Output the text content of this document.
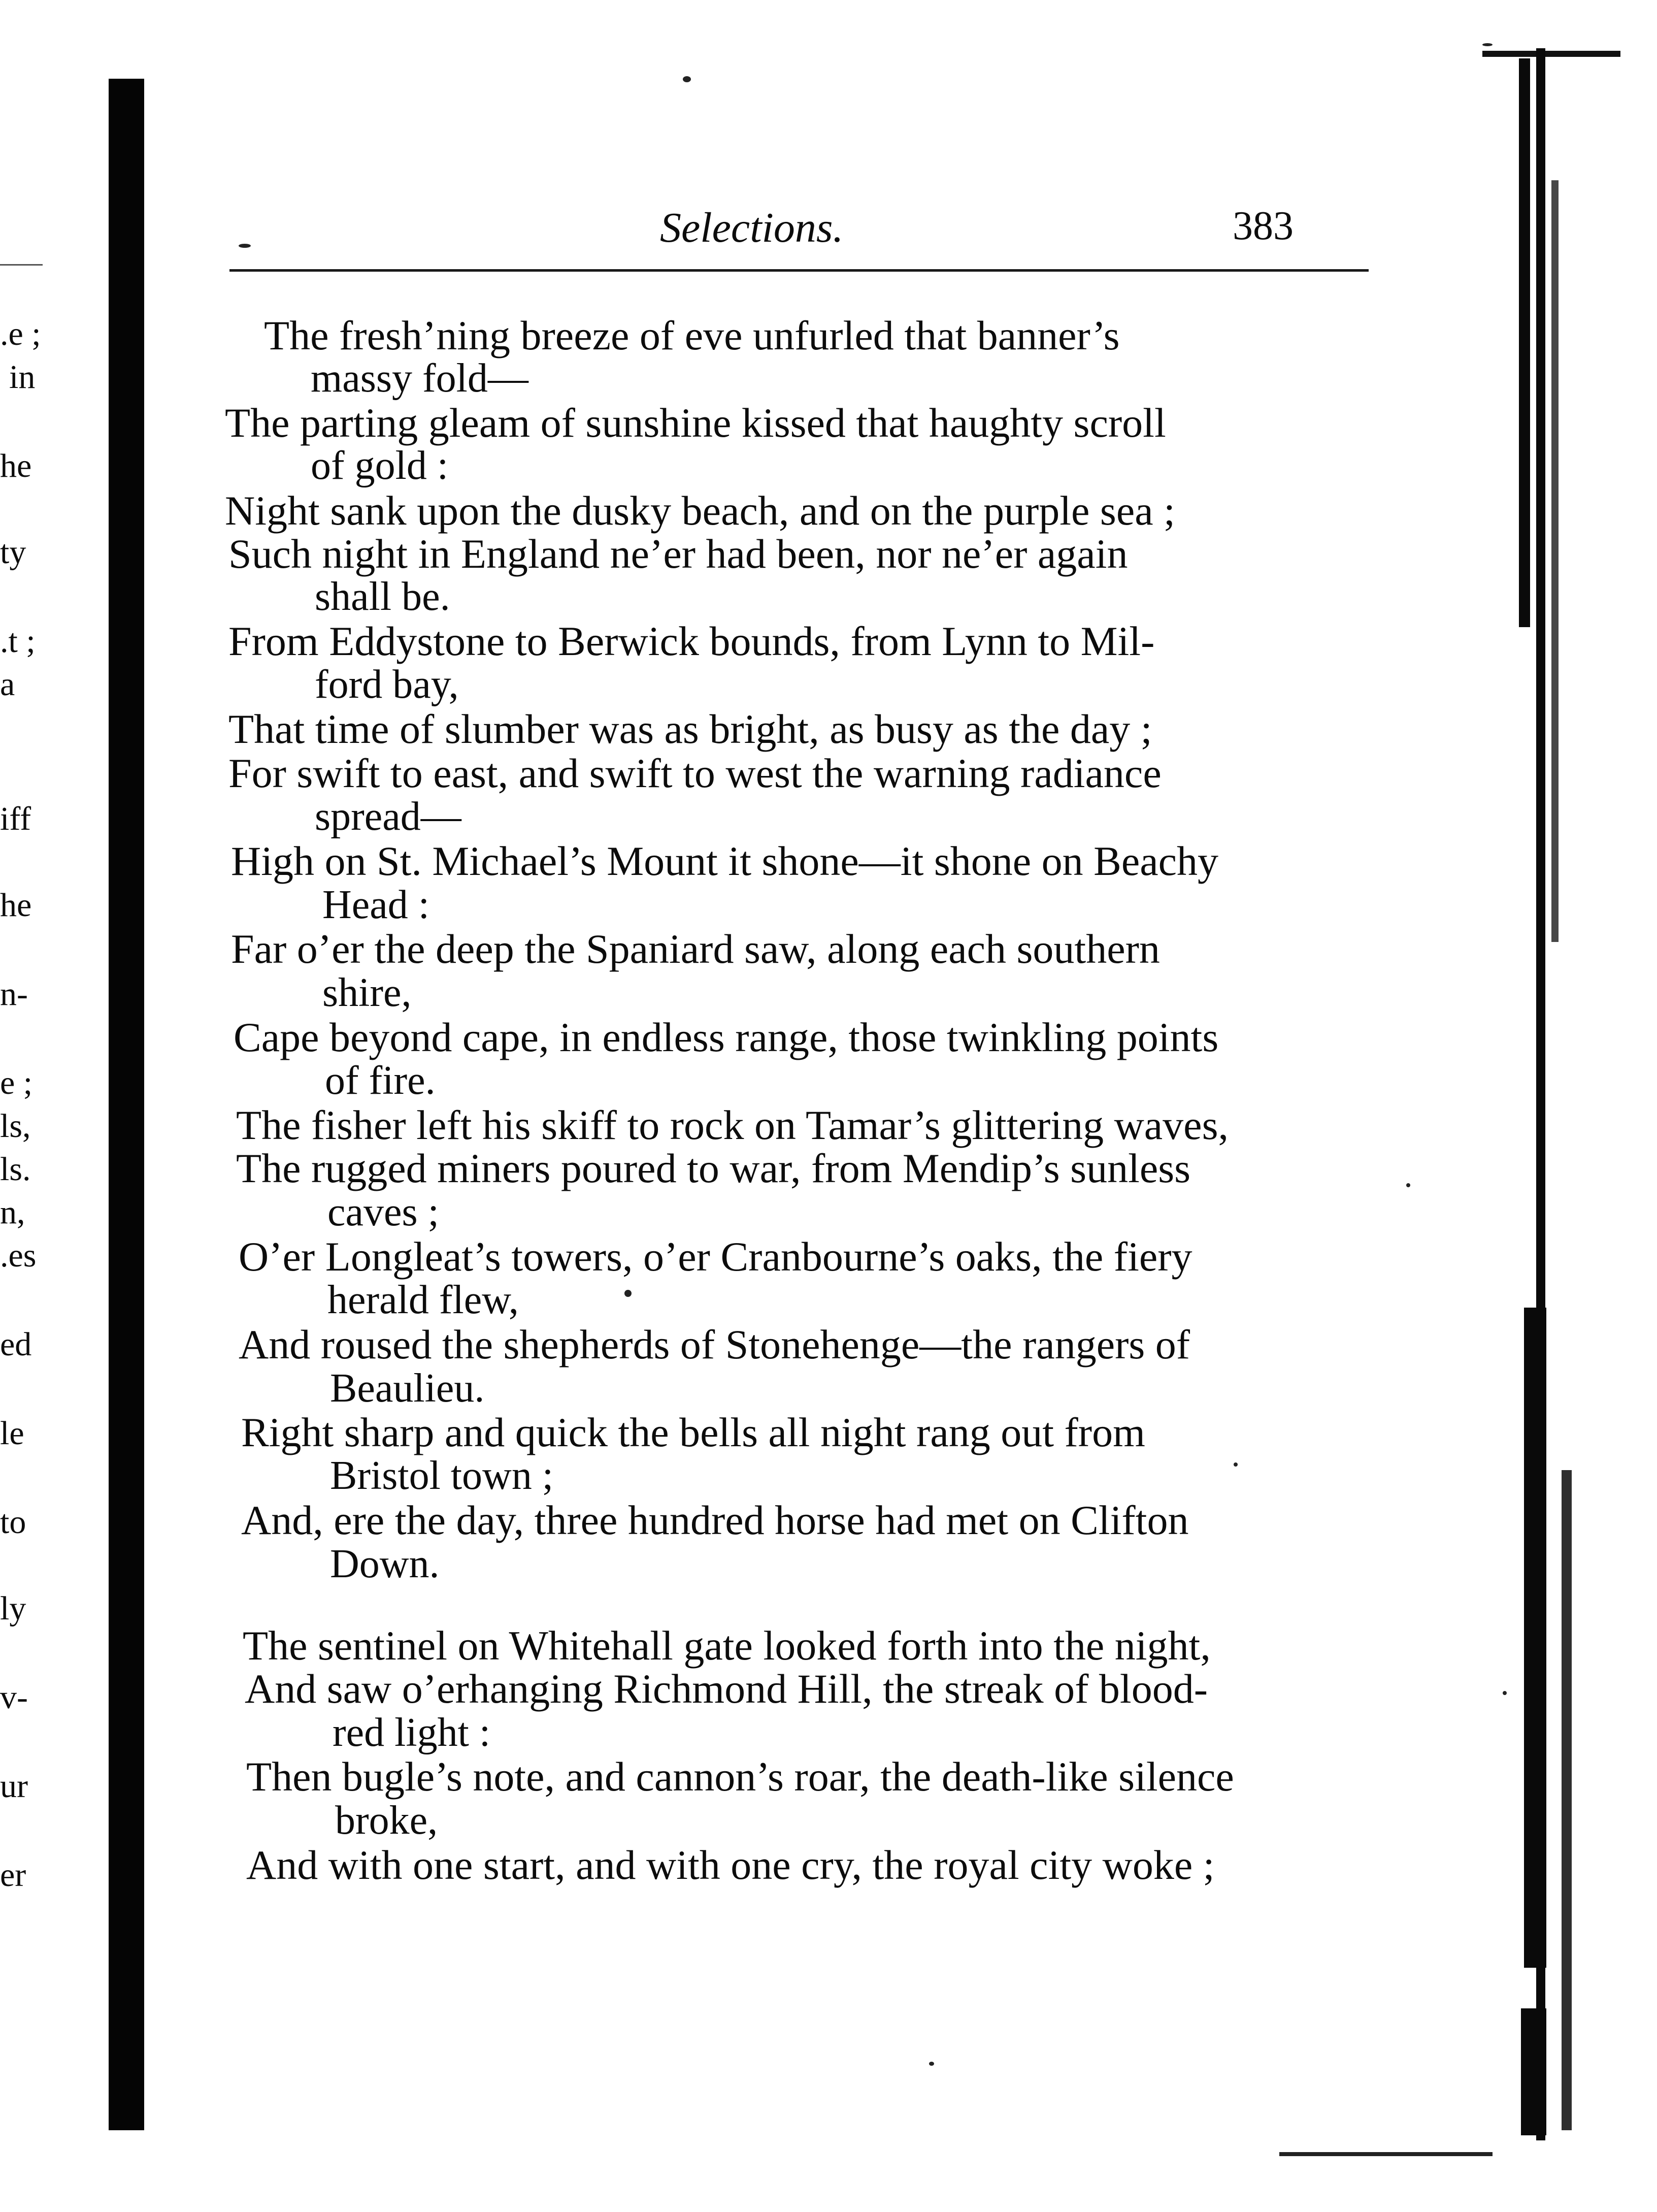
.e ;
in
he
ty
.t ;
a
iff
he
n-
e ;
ls,
ls.
n,
.es
ed
le
to
ly
v-
ur
er
Selections.	383
The fresh’ning breeze of eve unfurled that banner’s
massy fold—
The parting gleam of sunshine kissed that haughty scroll
of gold :
Night sank upon the dusky beach, and on the purple sea ;
Such night in England ne’er had been, nor ne’er again
shall be.
From Eddystone to Berwick bounds, from Lynn to Mil-
ford bay,
That time of slumber was as bright, as busy as the day ;
For swift to east, and swift to west the warning radiance
spread—
High on St. Michael’s Mount it shone—it shone on Beachy
Head :
Far o’er the deep the Spaniard saw, along each southern
shire,
Cape beyond cape, in endless range, those twinkling points
of fire.
The fisher left his skiff to rock on Tamar’s glittering waves,
The rugged miners poured to war, from Mendip’s sunless
caves ;
O’er Longleat’s towers, o’er Cranbourne’s oaks, the fiery
herald flew,
And roused the shepherds of Stonehenge—the rangers of
Beaulieu.
Right sharp and quick the bells all night rang out from
Bristol town ;
And, ere the day, three hundred horse had met on Clifton
Down.
The sentinel on Whitehall gate looked forth into the night,
And saw o’erhanging Richmond Hill, the streak of blood-
red light :
Then bugle’s note, and cannon’s roar, the death-like silence
broke,
And with one start, and with one cry, the royal city woke ;
